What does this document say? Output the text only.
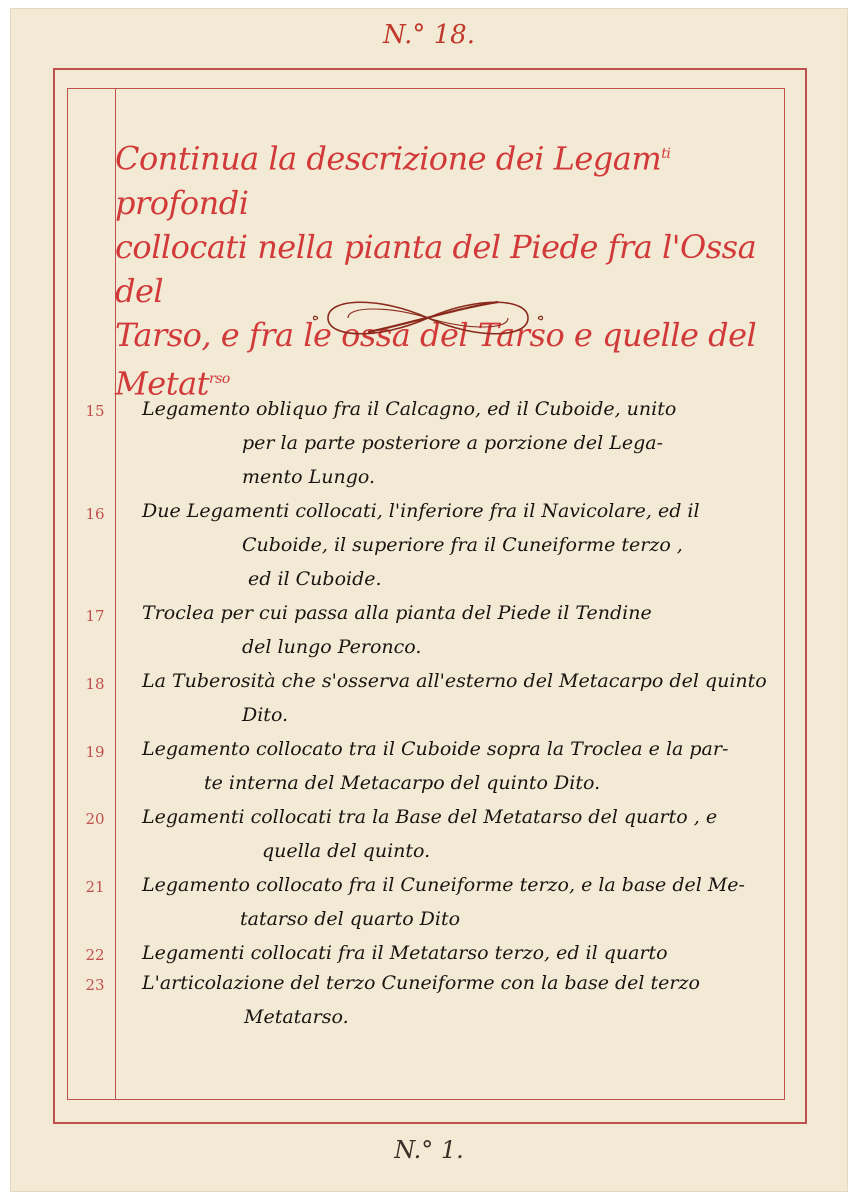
N.° 18.
Continua la descrizione dei Legam$^{ti}$ profondi
collocati nella pianta del Piede fra l'Ossa del
Tarso, e fra le ossa del Tarso e quelle del Metat$^{rso}$
15 Legamento obliquo fra il Calcagno, ed il Cuboide, unito
per la parte posteriore a porzione del Lega-
mento Lungo.
16 Due Legamenti collocati, l'inferiore fra il Navicolare, ed il
Cuboide, il superiore fra il Cuneiforme terzo ,
ed il Cuboide.
17 Troclea per cui passa alla pianta del Piede il Tendine
del lungo Peronco.
18 La Tuberosità che s'osserva all'esterno del Metacarpo del quinto
Dito.
19 Legamento collocato tra il Cuboide sopra la Troclea e la par-
te interna del Metacarpo del quinto Dito.
20 Legamenti collocati tra la Base del Metatarso del quarto , e
quella del quinto.
21 Legamento collocato fra il Cuneiforme terzo, e la base del Me-
tatarso del quarto Dito
22 Legamenti collocati fra il Metatarso terzo, ed il quarto
23 L'articolazione del terzo Cuneiforme con la base del terzo
Metatarso.
N.° 1.
